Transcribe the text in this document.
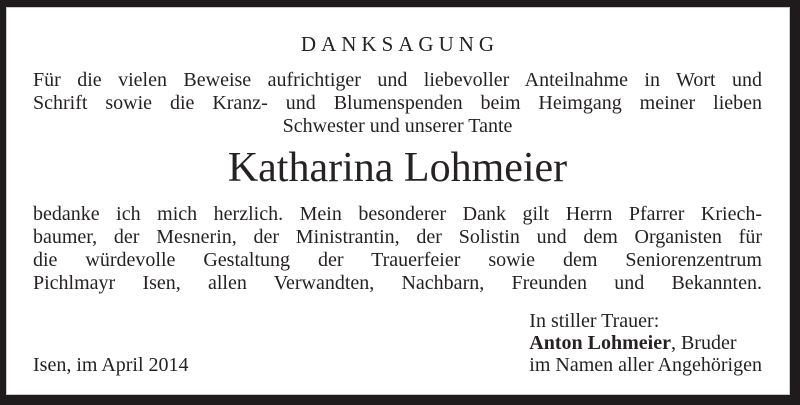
DANKSAGUNG
Für die vielen Beweise aufrichtiger und liebevoller Anteilnahme in Wort und
Schrift sowie die Kranz- und Blumenspenden beim Heimgang meiner lieben
Schwester und unserer Tante
Katharina Lohmeier
bedanke ich mich herzlich. Mein besonderer Dank gilt Herrn Pfarrer Kriech-
baumer, der Mesnerin, der Ministrantin, der Solistin und dem Organisten für
die würdevolle Gestaltung der Trauerfeier sowie dem Seniorenzentrum
Pichlmayr Isen, allen Verwandten, Nachbarn, Freunden und Bekannten.
Isen, im April 2014
In stiller Trauer:
Anton Lohmeier, Bruder
im Namen aller Angehörigen
